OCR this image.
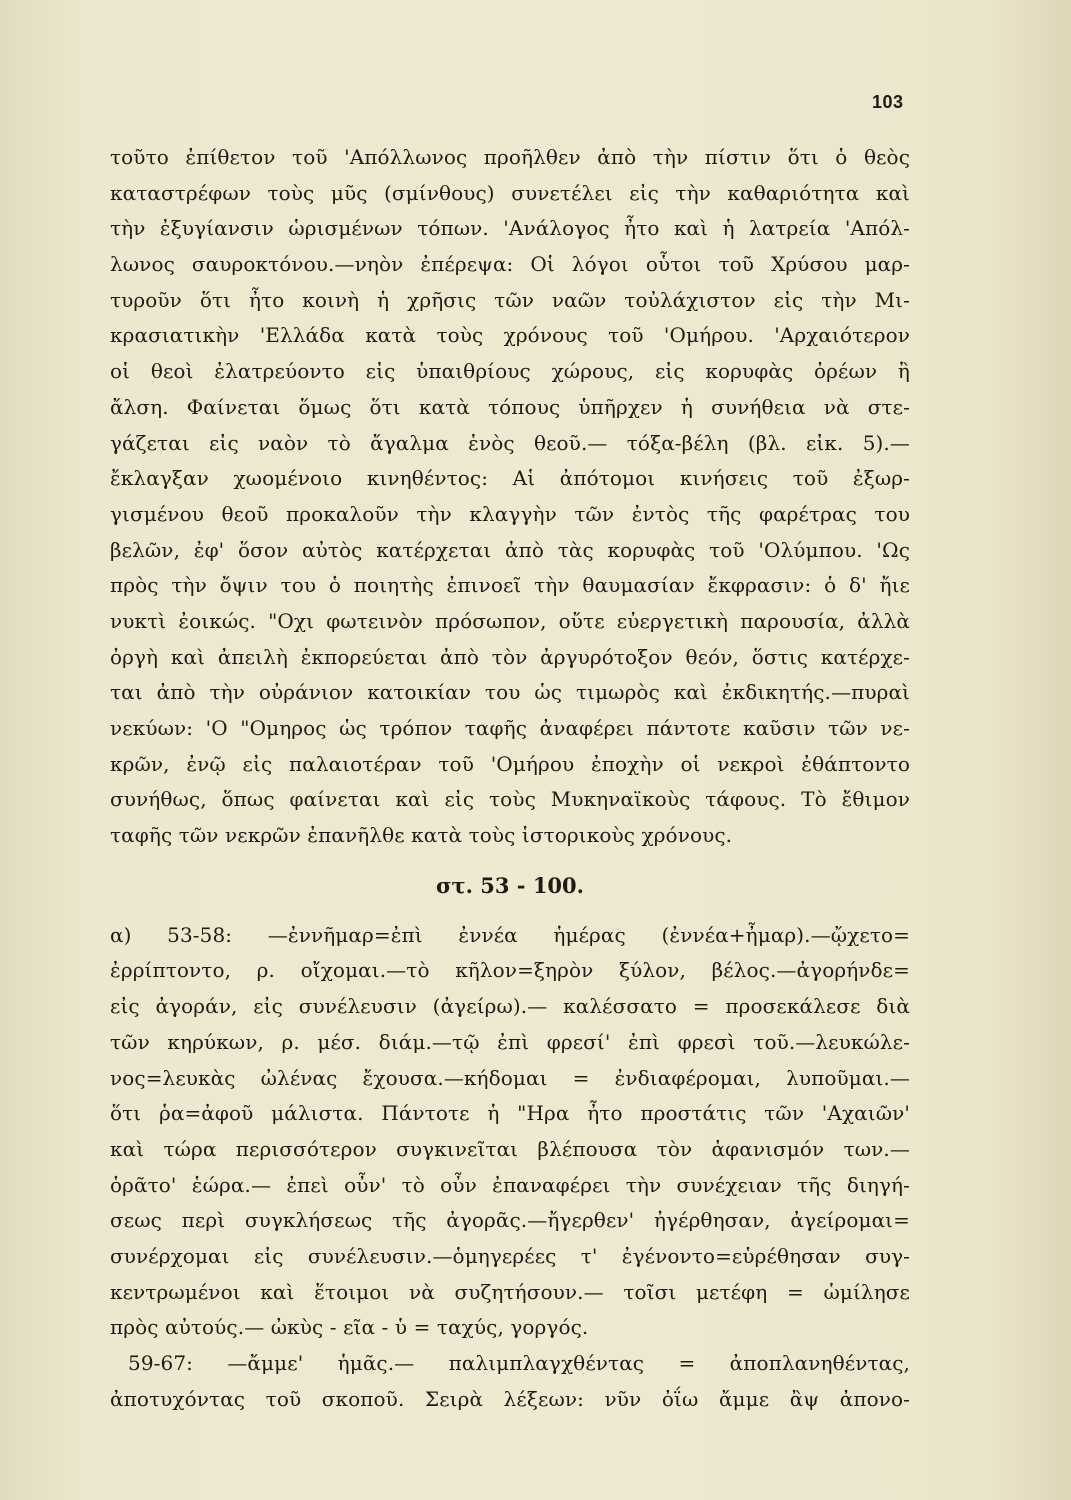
103
τοῦτο ἐπίθετον τοῦ 'Απόλλωνος προῆλθεν ἀπὸ τὴν πίστιν ὅτι ὁ θεὸς
καταστρέφων τοὺς μῦς (σμίνθους) συνετέλει εἰς τὴν καθαριότητα καὶ
τὴν ἐξυγίανσιν ὡρισμένων τόπων. 'Ανάλογος ἦτο καὶ ἡ λατρεία 'Απόλ-
λωνος σαυροκτόνου.—νηὸν ἐπέρεψα: Οἱ λόγοι οὗτοι τοῦ Χρύσου μαρ-
τυροῦν ὅτι ἦτο κοινὴ ἡ χρῆσις τῶν ναῶν τοὐλάχιστον εἰς τὴν Μι-
κρασιατικὴν 'Ελλάδα κατὰ τοὺς χρόνους τοῦ 'Ομήρου. 'Αρχαιότερον
οἱ θεοὶ ἐλατρεύοντο εἰς ὑπαιθρίους χώρους, εἰς κορυφὰς ὀρέων ἢ
ἄλση. Φαίνεται ὅμως ὅτι κατὰ τόπους ὑπῆρχεν ἡ συνήθεια νὰ στε-
γάζεται εἰς ναὸν τὸ ἄγαλμα ἑνὸς θεοῦ.— τόξα-βέλη (βλ. εἰκ. 5).—
ἔκλαγξαν χωομένοιο κινηθέντος: Αἱ ἀπότομοι κινήσεις τοῦ ἐξωρ-
γισμένου θεοῦ προκαλοῦν τὴν κλαγγὴν τῶν ἐντὸς τῆς φαρέτρας του
βελῶν, ἐφ' ὅσον αὐτὸς κατέρχεται ἀπὸ τὰς κορυφὰς τοῦ 'Ολύμπου. 'Ως
πρὸς τὴν ὄψιν του ὁ ποιητὴς ἐπινοεῖ τὴν θαυμασίαν ἔκφρασιν: ὁ δ' ἤιε
νυκτὶ ἐοικώς. "Οχι φωτεινὸν πρόσωπον, οὔτε εὐεργετικὴ παρουσία, ἀλλὰ
ὀργὴ καὶ ἀπειλὴ ἐκπορεύεται ἀπὸ τὸν ἀργυρότοξον θεόν, ὅστις κατέρχε-
ται ἀπὸ τὴν οὐράνιον κατοικίαν του ὡς τιμωρὸς καὶ ἐκδικητής.—πυραὶ
νεκύων: 'Ο "Ομηρος ὡς τρόπον ταφῆς ἀναφέρει πάντοτε καῦσιν τῶν νε-
κρῶν, ἐνῷ εἰς παλαιοτέραν τοῦ 'Ομήρου ἐποχὴν οἱ νεκροὶ ἐθάπτοντο
συνήθως, ὅπως φαίνεται καὶ εἰς τοὺς Μυκηναϊκοὺς τάφους. Τὸ ἔθιμον
ταφῆς τῶν νεκρῶν ἐπανῆλθε κατὰ τοὺς ἱστορικοὺς χρόνους.
στ. 53 - 100.
α) 53-58: —ἐννῆμαρ=ἐπὶ ἐννέα ἡμέρας (ἐννέα+ἦμαρ).—ᾤχετο=
ἐρρίπτοντο, ρ. οἴχομαι.—τὸ κῆλον=ξηρὸν ξύλον, βέλος.—ἀγορήνδε=
εἰς ἀγοράν, εἰς συνέλευσιν (ἀγείρω).— καλέσσατο = προσεκάλεσε διὰ
τῶν κηρύκων, ρ. μέσ. διάμ.—τῷ ἐπὶ φρεσί' ἐπὶ φρεσὶ τοῦ.—λευκώλε-
νος=λευκὰς ὠλένας ἔχουσα.—κήδομαι = ἐνδιαφέρομαι, λυποῦμαι.—
ὅτι ῥα=ἀφοῦ μάλιστα. Πάντοτε ἡ "Ηρα ἦτο προστάτις τῶν 'Αχαιῶν'
καὶ τώρα περισσότερον συγκινεῖται βλέπουσα τὸν ἀφανισμόν των.—
ὁρᾶτο' ἑώρα.— ἐπεὶ οὖν' τὸ οὖν ἐπαναφέρει τὴν συνέχειαν τῆς διηγή-
σεως περὶ συγκλήσεως τῆς ἀγορᾶς.—ἤγερθεν' ἠγέρθησαν, ἀγείρομαι=
συνέρχομαι εἰς συνέλευσιν.—ὁμηγερέες τ' ἐγένοντο=εὑρέθησαν συγ-
κεντρωμένοι καὶ ἕτοιμοι νὰ συζητήσουν.— τοῖσι μετέφη = ὡμίλησε
πρὸς αὐτούς.— ὠκὺς - εῖα - ὑ = ταχύς, γοργός.
59-67: —ἄμμε' ἡμᾶς.— παλιμπλαγχθέντας = ἀποπλανηθέντας,
ἀποτυχόντας τοῦ σκοποῦ. Σειρὰ λέξεων: νῦν ὀΐω ἄμμε ἂψ ἀπονο-
